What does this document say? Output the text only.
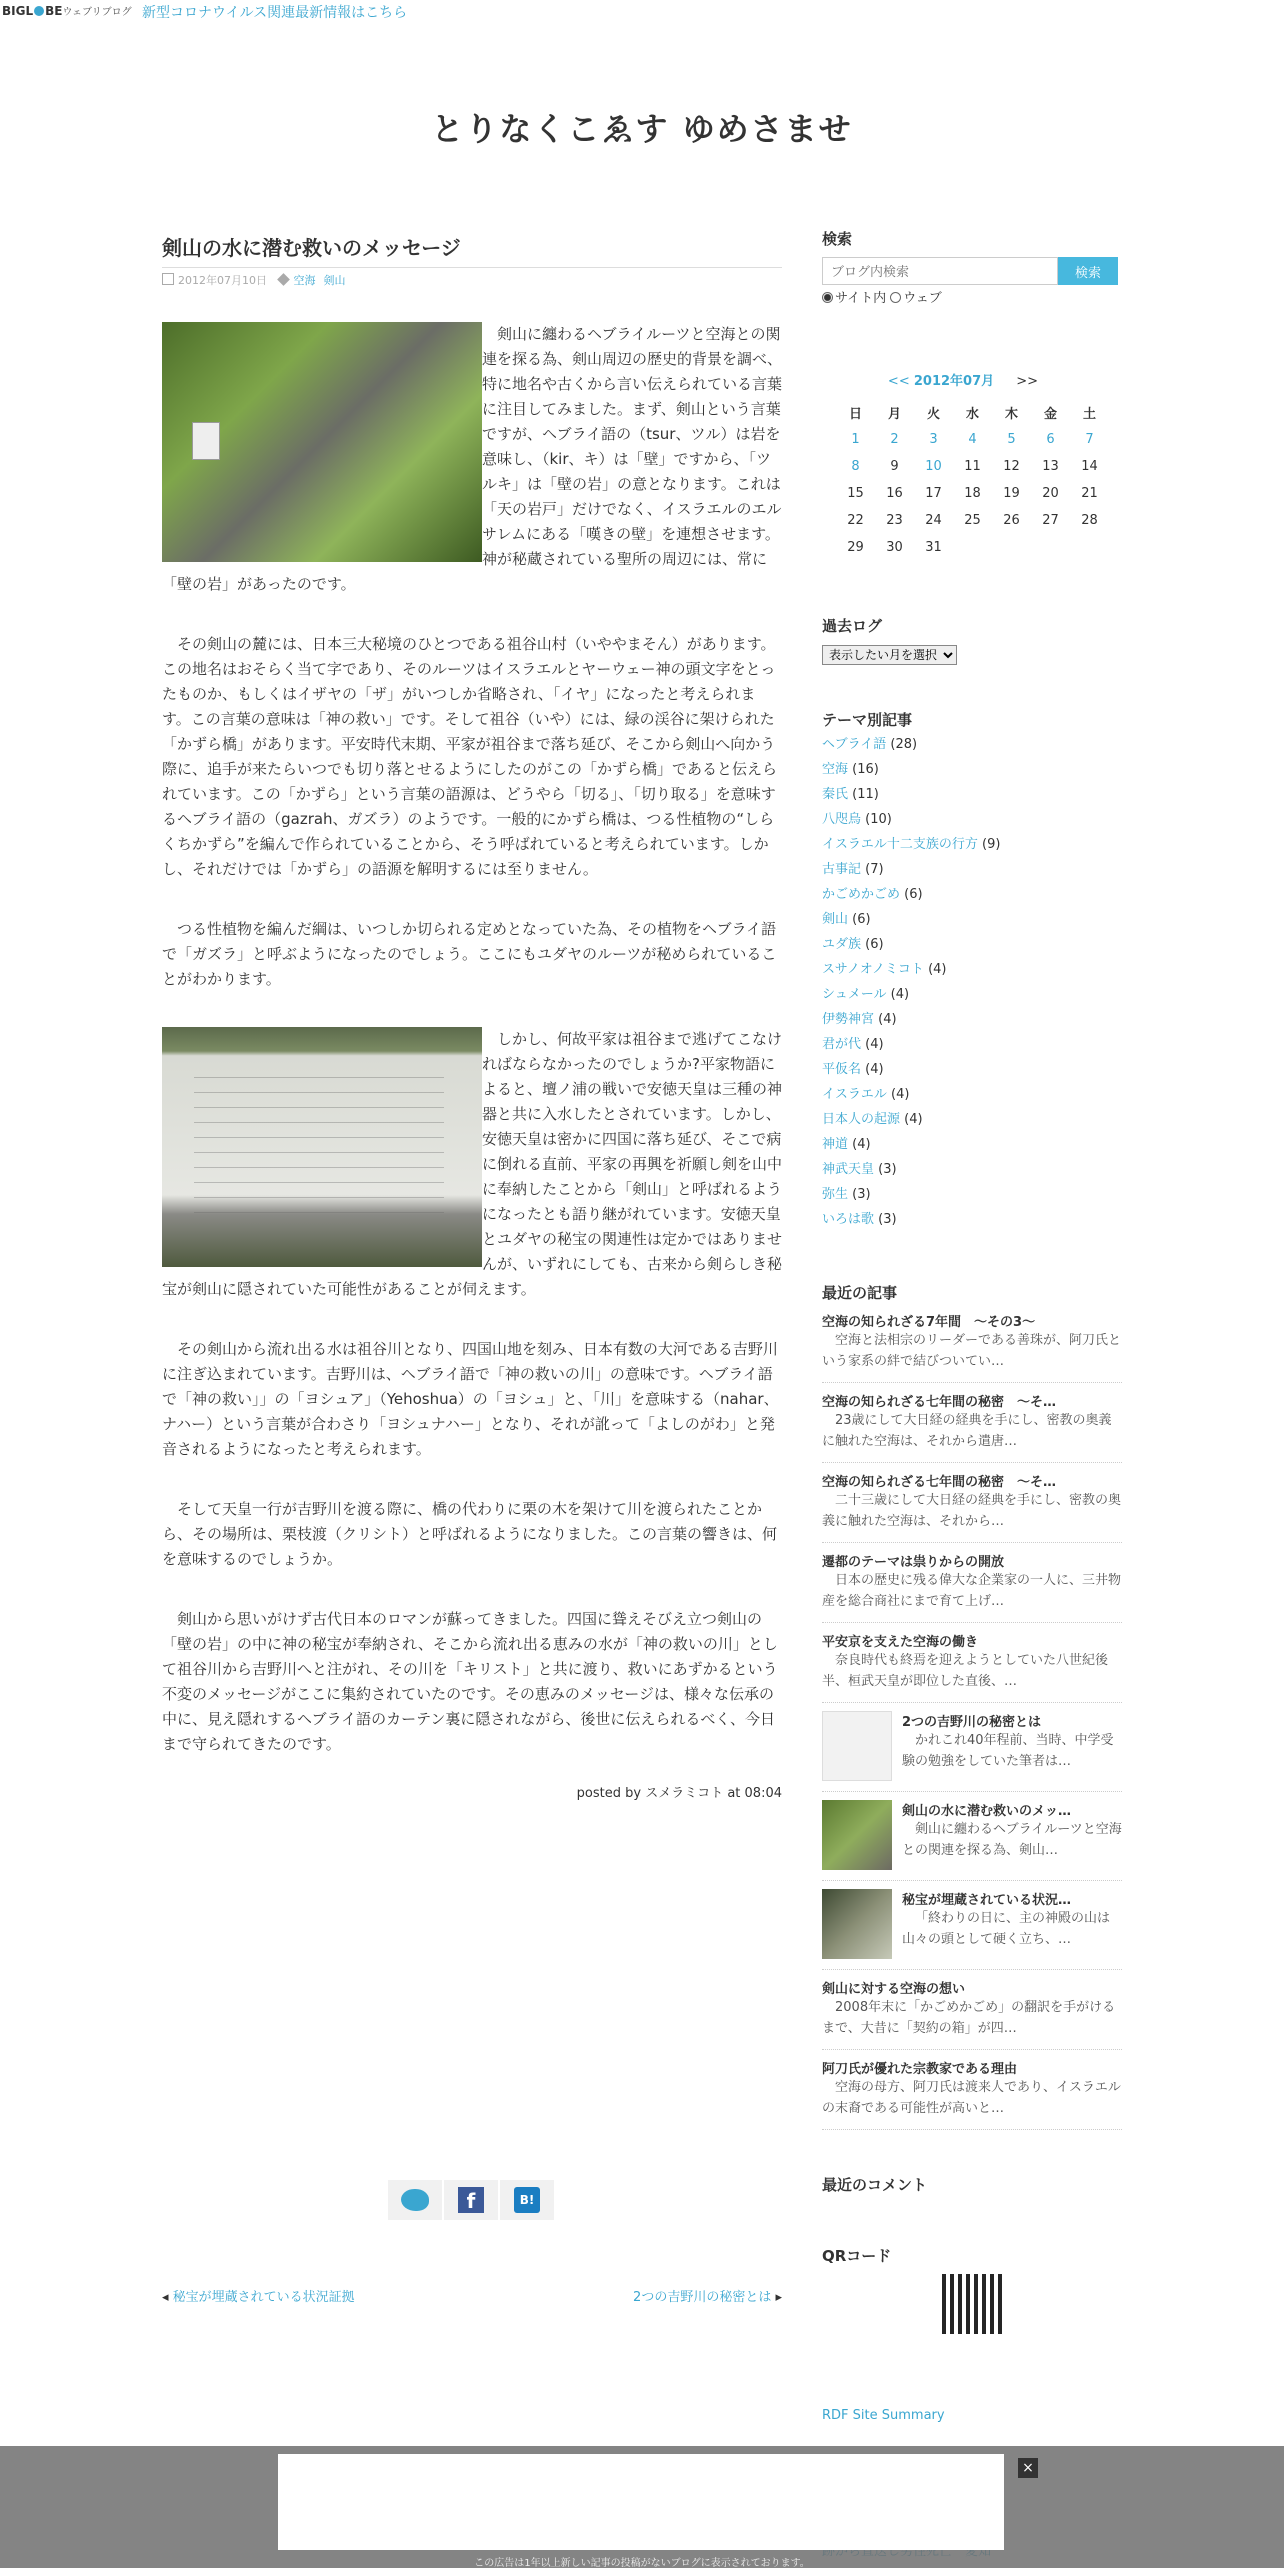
BIGL BEウェブリブログ 新型コロナウイルス関連最新情報はこちら
とりなくこゑす ゆめさませ
剣山の水に潜む救いのメッセージ
2012年07月10日 空海 剣山

剣山に纏わるヘブライルーツと空海との関連を探る為、剣山周辺の歴史的背景を調べ、特に地名や古くから言い伝えられている言葉に注目してみました。まず、剣山という言葉ですが、ヘブライ語の（tsur、ツル）は岩を意味し、（kir、キ）は「壁」ですから、「ツルキ」は「壁の岩」の意となります。これは「天の岩戸」だけでなく、イスラエルのエルサレムにある「嘆きの壁」を連想させます。神が秘蔵されている聖所の周辺には、常に「壁の岩」があったのです。

その剣山の麓には、日本三大秘境のひとつである祖谷山村（いややまそん）があります。この地名はおそらく当て字であり、そのルーツはイスラエルとヤーウェー神の頭文字をとったものか、もしくはイザヤの「ザ」がいつしか省略され、「イヤ」になったと考えられます。この言葉の意味は「神の救い」です。そして祖谷（いや）には、緑の渓谷に架けられた「かずら橋」があります。平安時代末期、平家が祖谷まで落ち延び、そこから剣山へ向かう際に、追手が来たらいつでも切り落とせるようにしたのがこの「かずら橋」であると伝えられています。この「かずら」という言葉の語源は、どうやら「切る」、「切り取る」を意味するヘブライ語の（gazrah、ガズラ）のようです。一般的にかずら橋は、つる性植物の“しらくちかずら”を編んで作られていることから、そう呼ばれていると考えられています。しかし、それだけでは「かずら」の語源を解明するには至りません。

つる性植物を編んだ綱は、いつしか切られる定めとなっていた為、その植物をヘブライ語で「ガズラ」と呼ぶようになったのでしょう。ここにもユダヤのルーツが秘められていることがわかります。

しかし、何故平家は祖谷まで逃げてこなければならなかったのでしょうか?平家物語によると、壇ノ浦の戦いで安徳天皇は三種の神器と共に入水したとされています。しかし、安徳天皇は密かに四国に落ち延び、そこで病に倒れる直前、平家の再興を祈願し剣を山中に奉納したことから「剣山」と呼ばれるようになったとも語り継がれています。安徳天皇とユダヤの秘宝の関連性は定かではありませんが、いずれにしても、古来から剣らしき秘宝が剣山に隠されていた可能性があることが伺えます。

その剣山から流れ出る水は祖谷川となり、四国山地を刻み、日本有数の大河である吉野川に注ぎ込まれています。吉野川は、ヘブライ語で「神の救いの川」の意味です。ヘブライ語で「神の救い」」の「ヨシュア」（Yehoshua）の「ヨシュ」と、「川」を意味する（nahar、ナハー）という言葉が合わさり「ヨシュナハー」となり、それが訛って「よしのがわ」と発音されるようになったと考えられます。

そして天皇一行が吉野川を渡る際に、橋の代わりに栗の木を架けて川を渡られたことから、その場所は、栗枝渡（クリシト）と呼ばれるようになりました。この言葉の響きは、何を意味するのでしょうか。

剣山から思いがけず古代日本のロマンが蘇ってきました。四国に聳えそびえ立つ剣山の「壁の岩」の中に神の秘宝が奉納され、そこから流れ出る恵みの水が「神の救いの川」として祖谷川から吉野川へと注がれ、その川を「キリスト」と共に渡り、救いにあずかるという不変のメッセージがここに集約されていたのです。その恵みのメッセージは、様々な伝承の中に、見え隠れするヘブライ語のカーテン裏に隠されながら、後世に伝えられるべく、今日まで守られてきたのです。

posted by スメラミコト at 08:04
f	B!
◂ 秘宝が埋蔵されている状況証拠	2つの吉野川の秘密とは ▸
検索
ブログ内検索
検索
サイト内 ウェブ
<< 2012年07月 >>
日	月	火	水	木	金	土
1	2	3	4	5	6	7
8	9	10	11	12	13	14
15	16	17	18	19	20	21
22	23	24	25	26	27	28
29	30	31				
過去ログ
表示したい月を選択
テーマ別記事
ヘブライ語 (28)
空海 (16)
秦氏 (11)
八咫烏 (10)
イスラエル十二支族の行方 (9)
古事記 (7)
かごめかごめ (6)
剣山 (6)
ユダ族 (6)
スサノオノミコト (4)
シュメール (4)
伊勢神宮 (4)
君が代 (4)
平仮名 (4)
イスラエル (4)
日本人の起源 (4)
神道 (4)
神武天皇 (3)
弥生 (3)
いろは歌 (3)
最近の記事
空海の知られざる7年間　～その3～
空海と法相宗のリーダーである善珠が、阿刀氏という家系の絆で結びついてい…
空海の知られざる七年間の秘密　～そ…
23歳にして大日経の経典を手にし、密教の奥義に触れた空海は、それから遣唐…
空海の知られざる七年間の秘密　～そ…
二十三歳にして大日経の経典を手にし、密教の奥義に触れた空海は、それから…
遷都のテーマは祟りからの開放
日本の歴史に残る偉大な企業家の一人に、三井物産を総合商社にまで育て上げ…
平安京を支えた空海の働き
奈良時代も終焉を迎えようとしていた八世紀後半、桓武天皇が即位した直後、…
2つの吉野川の秘密とは
かれこれ40年程前、当時、中学受験の勉強をしていた筆者は…
剣山の水に潜む救いのメッ…
剣山に纏わるヘブライルーツと空海との関連を探る為、剣山…
秘宝が埋蔵されている状況…
「終わりの日に、主の神殿の山は山々の頭として硬く立ち、…
剣山に対する空海の想い
2008年末に「かごめかごめ」の翻訳を手がけるまで、大昔に「契約の箱」が四…
阿刀氏が優れた宗教家である理由
空海の母方、阿刀氏は渡来人であり、イスラエルの末裔である可能性が高いと…
最近のコメント
QRコード
RDF Site Summary
×
この広告は1年以上新しい記事の投稿がないブログに表示されております。
